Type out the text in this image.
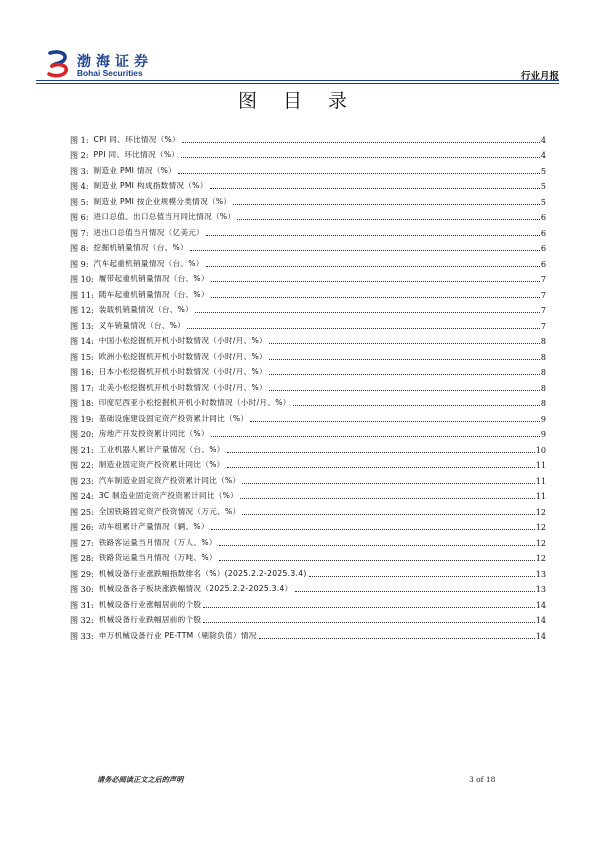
渤海证券
Bohai Securities	行业月报
图 目 录
图 1: CPI 同、环比情况（%）	4
图 2: PPI 同、环比情况（%）	4
图 3: 制造业 PMI 情况（%）	5
图 4: 制造业 PMI 构成指数情况（%）	5
图 5: 制造业 PMI 按企业规模分类情况（%）	5
图 6: 进口总值、出口总值当月同比情况（%）	6
图 7: 进出口总值当月情况（亿美元）	6
图 8: 挖掘机销量情况（台、%）	6
图 9: 汽车起重机销量情况（台、%）	6
图 10: 履带起重机销量情况（台、%）	7
图 11: 随车起重机销量情况（台、%）	7
图 12: 装载机销量情况（台、%）	7
图 13: 叉车销量情况（台、%）	7
图 14: 中国小松挖掘机开机小时数情况（小时/月、%）	8
图 15: 欧洲小松挖掘机开机小时数情况（小时/月、%）	8
图 16: 日本小松挖掘机开机小时数情况（小时/月、%）	8
图 17: 北美小松挖掘机开机小时数情况（小时/月、%）	8
图 18: 印度尼西亚小松挖掘机开机小时数情况（小时/月、%）	8
图 19: 基础设施建设固定资产投资累计同比（%）	9
图 20: 房地产开发投资累计同比（%）	9
图 21: 工业机器人累计产量情况（台、%）	10
图 22: 制造业固定资产投资累计同比（%）	11
图 23: 汽车制造业固定资产投资累计同比（%）	11
图 24: 3C 制造业固定资产投资累计同比（%）	11
图 25: 全国铁路固定资产投资情况（万元、%）	12
图 26: 动车组累计产量情况（辆、%）	12
图 27: 铁路客运量当月情况（万人、%）	12
图 28: 铁路货运量当月情况（万吨、%）	12
图 29: 机械设备行业涨跌幅指数排名（%）(2025.2.2-2025.3.4)	13
图 30: 机械设备各子板块涨跌幅情况（2025.2.2-2025.3.4）	13
图 31: 机械设备行业涨幅居前的个股	14
图 32: 机械设备行业跌幅居前的个股	14
图 33: 申万机械设备行业 PE-TTM（剔除负值）情况	14
请务必阅读正文之后的声明	3 of 18
